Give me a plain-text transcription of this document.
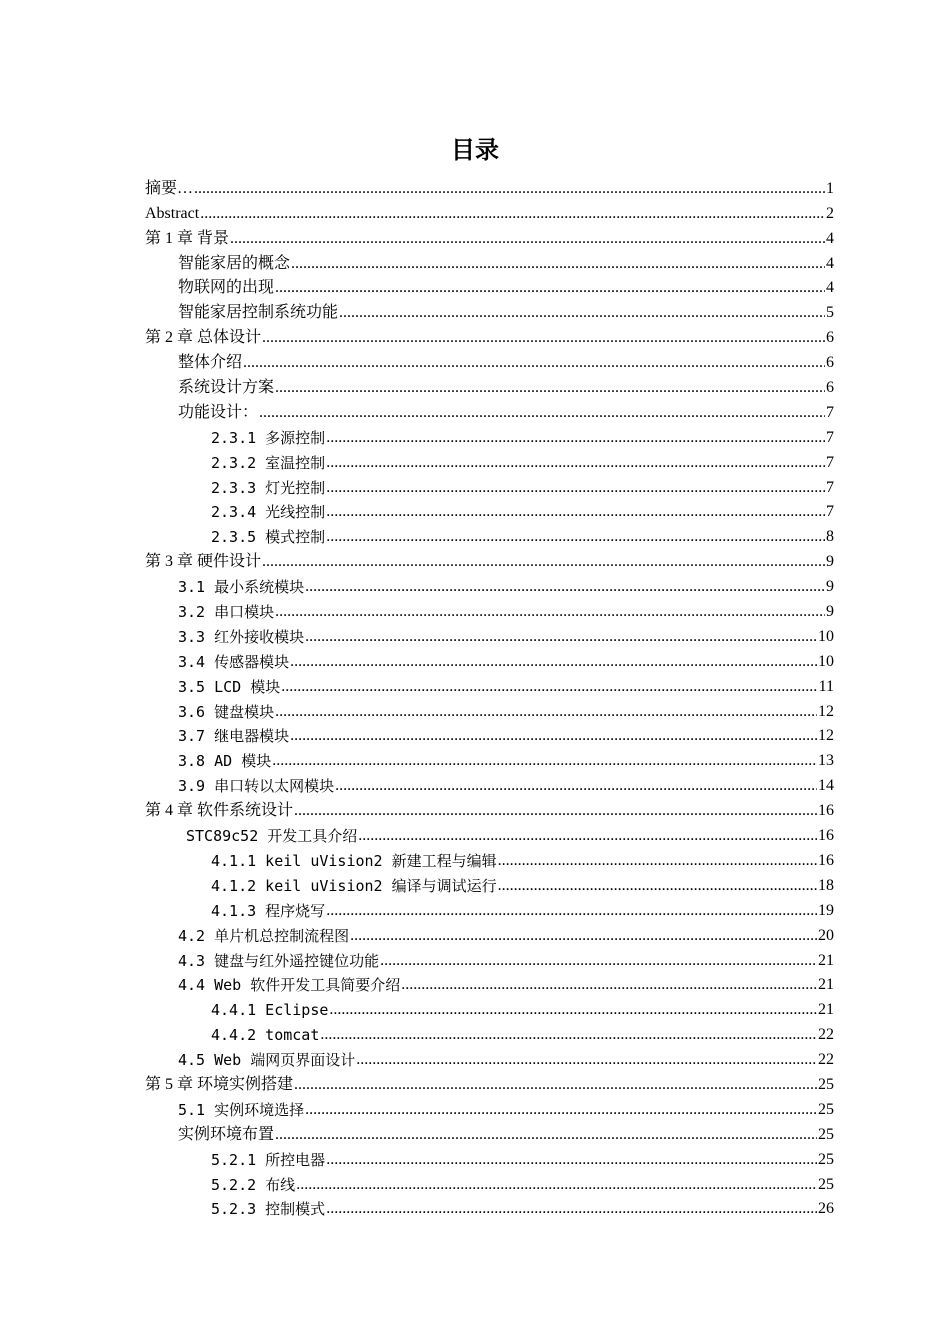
目录
摘要… .....	1
Abstract .....	2
第 1 章 背景 .....	4
智能家居的概念 .....	4
物联网的出现 .....	4
智能家居控制系统功能 .....	5
第 2 章 总体设计 .....	6
整体介绍 .....	6
系统设计方案 .....	6
功能设计： .....	7
2.3.1 多源控制 .....	7
2.3.2 室温控制 .....	7
2.3.3 灯光控制 .....	7
2.3.4 光线控制 .....	7
2.3.5 模式控制 .....	8
第 3 章 硬件设计 .....	9
3.1 最小系统模块 .....	9
3.2 串口模块 .....	9
3.3 红外接收模块 .....	10
3.4 传感器模块 .....	10
3.5 LCD 模块 .....	11
3.6 键盘模块 .....	12
3.7 继电器模块 .....	12
3.8 AD 模块 .....	13
3.9 串口转以太网模块 .....	14
第 4 章 软件系统设计 .....	16
STC89c52 开发工具介绍 .....	16
4.1.1 keil uVision2 新建工程与编辑 .....	16
4.1.2 keil uVision2 编译与调试运行 .....	18
4.1.3 程序烧写 .....	19
4.2 单片机总控制流程图 .....	20
4.3 键盘与红外遥控键位功能 .....	21
4.4 Web 软件开发工具简要介绍 .....	21
4.4.1 Eclipse .....	21
4.4.2 tomcat .....	22
4.5 Web 端网页界面设计 .....	22
第 5 章 环境实例搭建 .....	25
5.1 实例环境选择 .....	25
实例环境布置 .....	25
5.2.1 所控电器 .....	25
5.2.2 布线 .....	25
5.2.3 控制模式 .....	26
